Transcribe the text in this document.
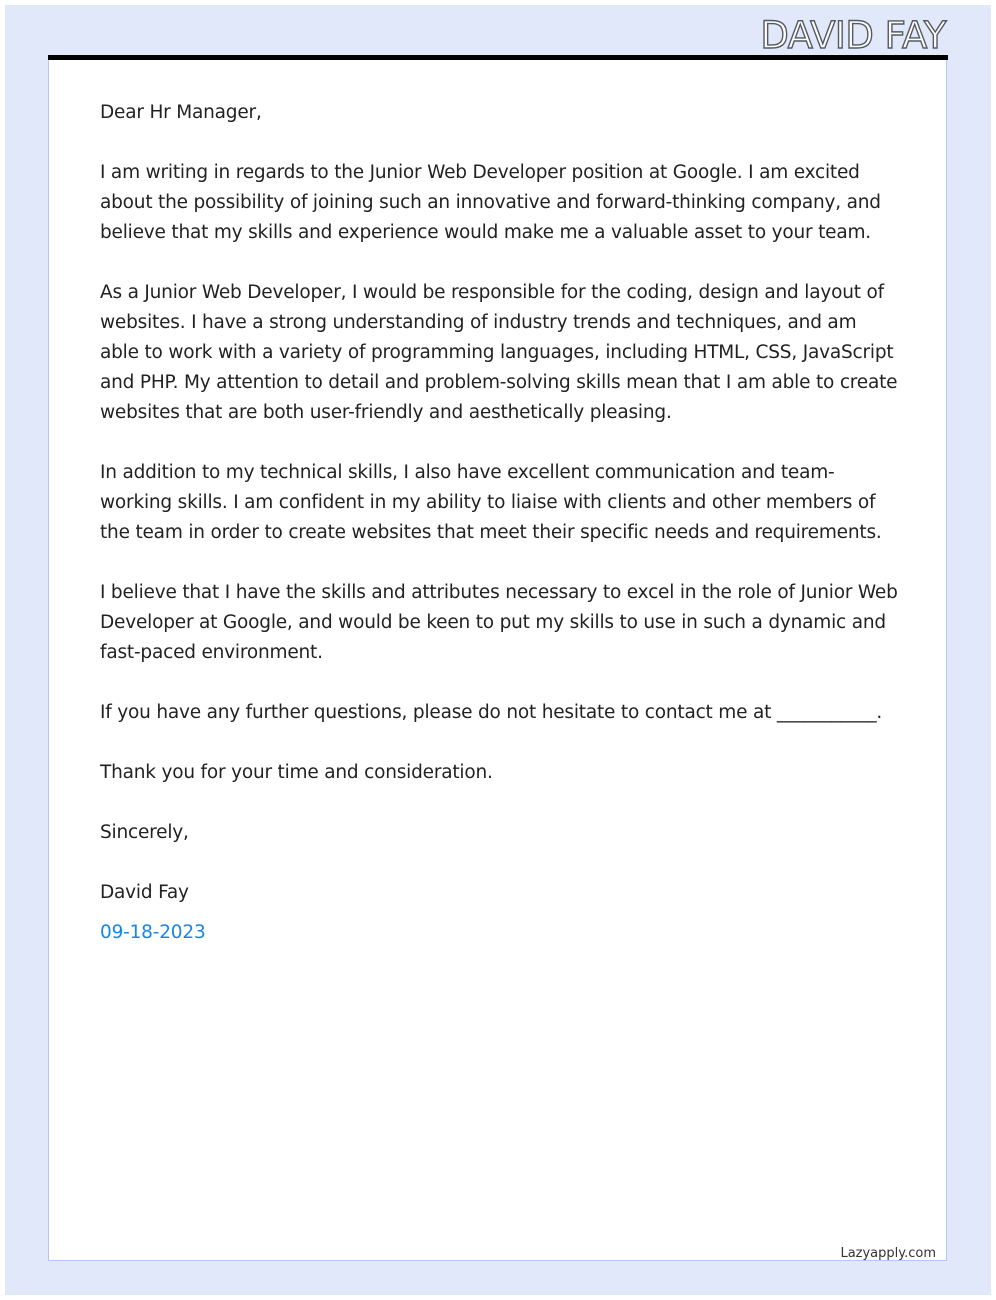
DAVID FAY

Dear Hr Manager,

I am writing in regards to the Junior Web Developer position at Google. I am excited about the possibility of joining such an innovative and forward-thinking company, and believe that my skills and experience would make me a valuable asset to your team.

As a Junior Web Developer, I would be responsible for the coding, design and layout of websites. I have a strong understanding of industry trends and techniques, and am able to work with a variety of programming languages, including HTML, CSS, JavaScript and PHP. My attention to detail and problem-solving skills mean that I am able to create websites that are both user-friendly and aesthetically pleasing.

In addition to my technical skills, I also have excellent communication and team-working skills. I am confident in my ability to liaise with clients and other members of the team in order to create websites that meet their specific needs and requirements.

I believe that I have the skills and attributes necessary to excel in the role of Junior Web Developer at Google, and would be keen to put my skills to use in such a dynamic and fast-paced environment.

If you have any further questions, please do not hesitate to contact me at ___________.

Thank you for your time and consideration.

Sincerely,

David Fay

09-18-2023

Lazyapply.com
